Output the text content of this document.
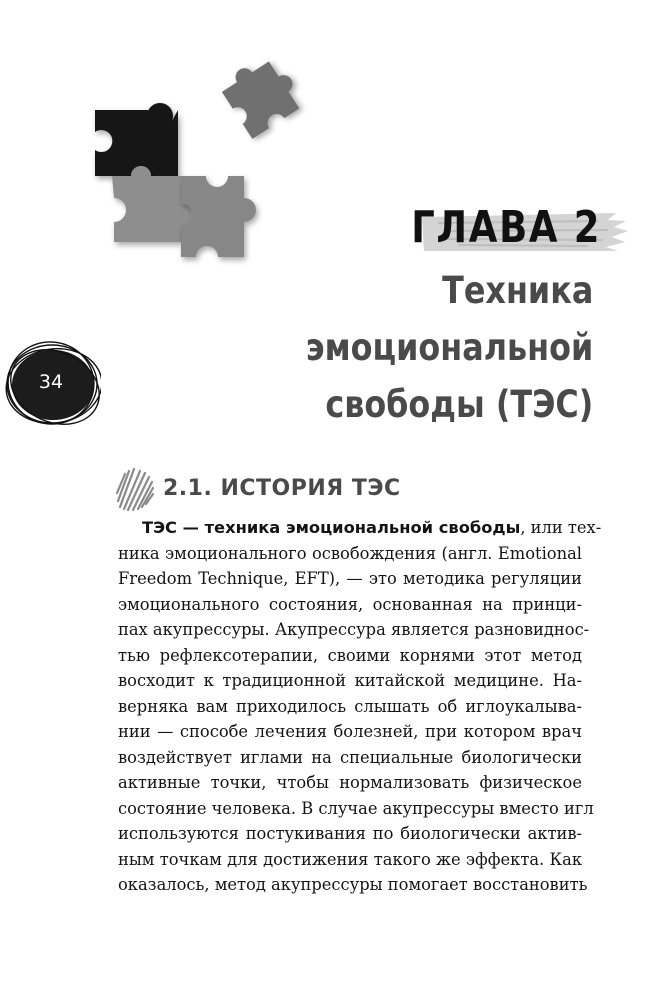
34
ГЛАВА 2
Техника
эмоциональной
свободы (ТЭС)
2.1. ИСТОРИЯ ТЭС
ТЭС — техника эмоциональной свободы, или тех-
ника эмоционального освобождения (англ. Emotional
Freedom Technique, EFT), — это методика регуляции
эмоционального состояния, основанная на принци-
пах акупрессуры. Акупрессура является разновиднос-
тью рефлексотерапии, своими корнями этот метод
восходит к традиционной китайской медицине. На-
верняка вам приходилось слышать об иглоукалыва-
нии — способе лечения болезней, при котором врач
воздействует иглами на специальные биологически
активные точки, чтобы нормализовать физическое
состояние человека. В случае акупрессуры вместо игл
используются постукивания по биологически актив-
ным точкам для достижения такого же эффекта. Как
оказалось, метод акупрессуры помогает восстановить
